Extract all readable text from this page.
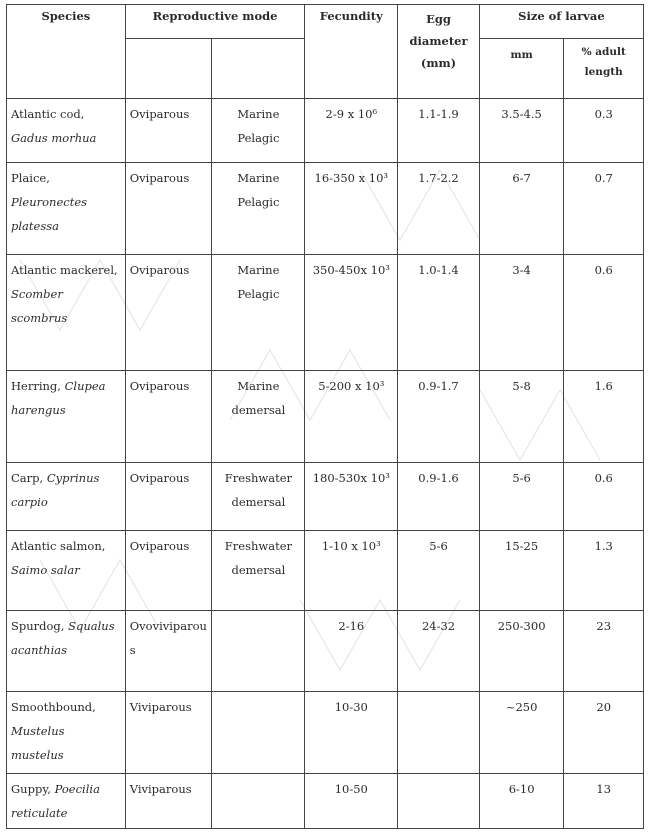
Species	Reproductive mode		Fecundity	Egg diameter (mm)	Size of larvae	
					mm	% adult length
Atlantic cod, Gadus morhua	Oviparous	Marine Pelagic	2-9 x 10⁶	1.1-1.9	3.5-4.5	0.3
Plaice, Pleuronectes platessa	Oviparous	Marine Pelagic	16-350 x 10³	1.7-2.2	6-7	0.7
Atlantic mackerel, Scomber scombrus	Oviparous	Marine Pelagic	350-450x 10³	1.0-1.4	3-4	0.6
Herring, Clupea harengus	Oviparous	Marine demersal	5-200 x 10³	0.9-1.7	5-8	1.6
Carp, Cyprinus carpio	Oviparous	Freshwater demersal	180-530x 10³	0.9-1.6	5-6	0.6
Atlantic salmon, Saimo salar	Oviparous	Freshwater demersal	1-10 x 10³	5-6	15-25	1.3
Spurdog, Squalus acanthias	Ovoviviparous		2-16	24-32	250-300	23
Smoothbound, Mustelus mustelus	Viviparous		10-30		~250	20
Guppy, Poecilia reticulate	Viviparous		10-50		6-10	13
